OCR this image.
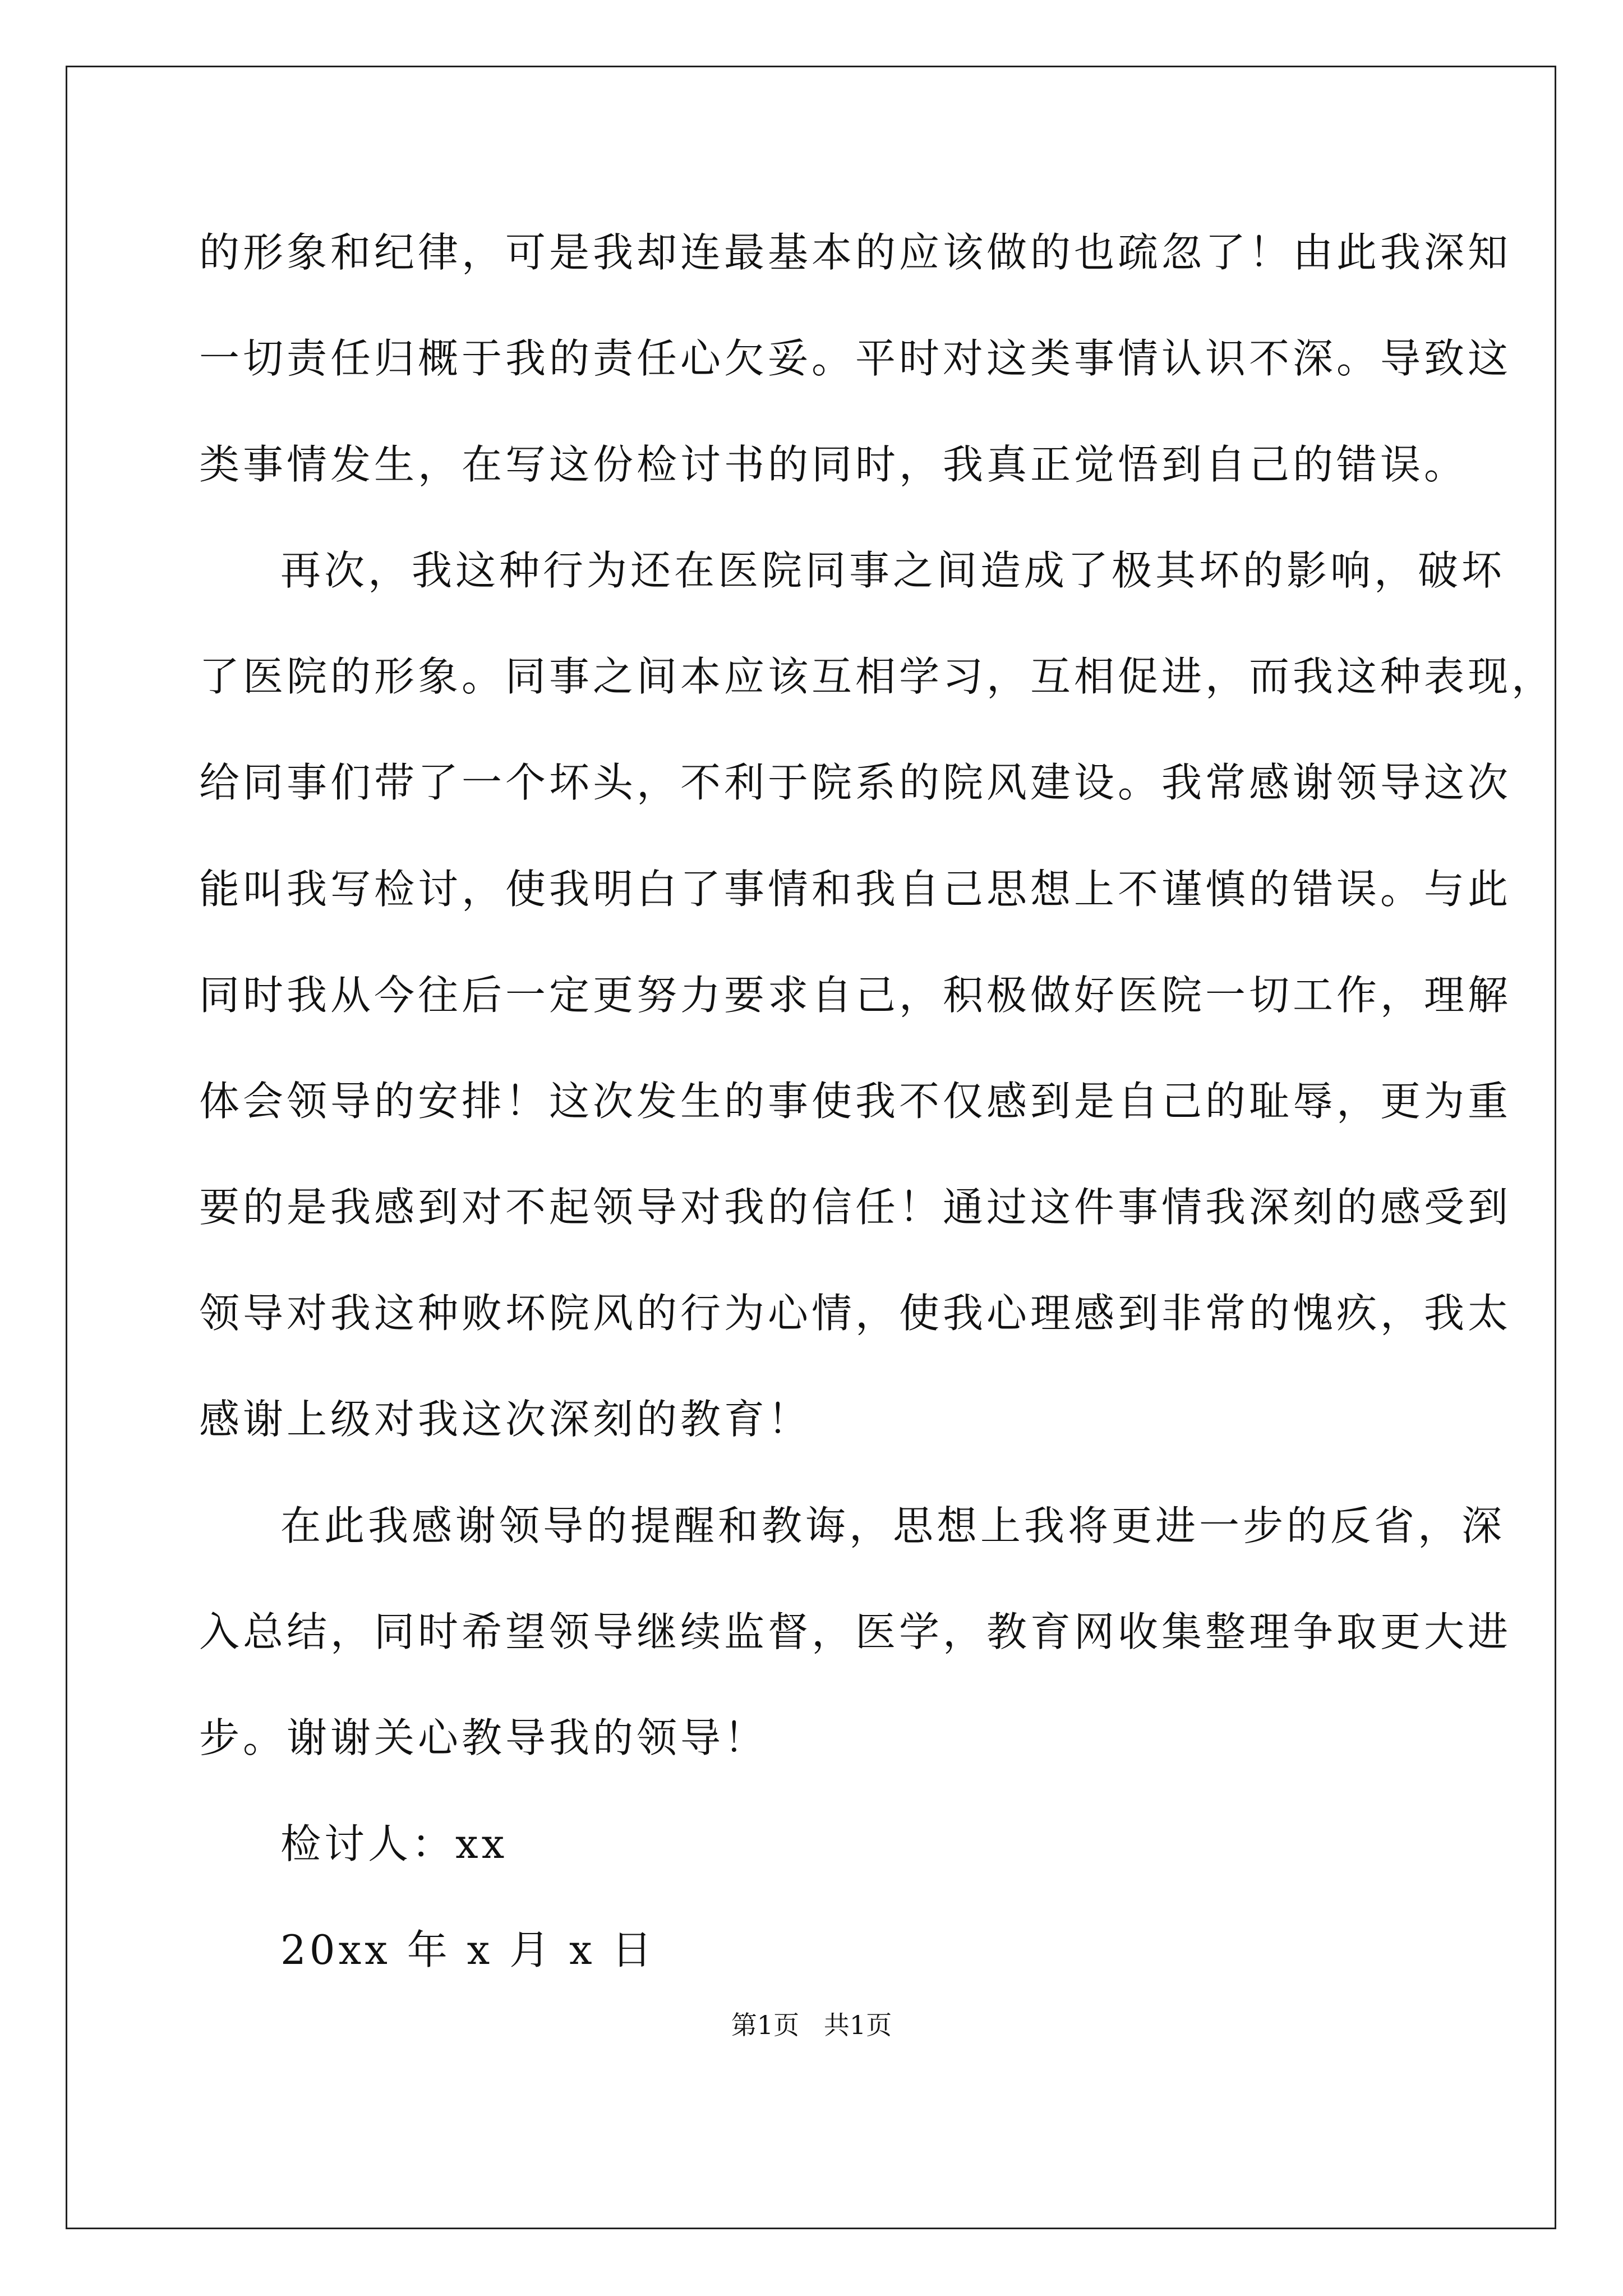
的形象和纪律，可是我却连最基本的应该做的也疏忽了！由此我深知
一切责任归概于我的责任心欠妥。平时对这类事情认识不深。导致这
类事情发生，在写这份检讨书的同时，我真正觉悟到自己的错误。
再次，我这种行为还在医院同事之间造成了极其坏的影响，破坏
了医院的形象。同事之间本应该互相学习，互相促进，而我这种表现，
给同事们带了一个坏头，不利于院系的院风建设。我常感谢领导这次
能叫我写检讨，使我明白了事情和我自己思想上不谨慎的错误。与此
同时我从今往后一定更努力要求自己，积极做好医院一切工作，理解
体会领导的安排！这次发生的事使我不仅感到是自己的耻辱，更为重
要的是我感到对不起领导对我的信任！通过这件事情我深刻的感受到
领导对我这种败坏院风的行为心情，使我心理感到非常的愧疚，我太
感谢上级对我这次深刻的教育！
在此我感谢领导的提醒和教诲，思想上我将更进一步的反省，深
入总结，同时希望领导继续监督，医学，教育网收集整理争取更大进
步。谢谢关心教导我的领导！
检讨人：xx
20xx 年 x 月 x 日
第1页   共1页
